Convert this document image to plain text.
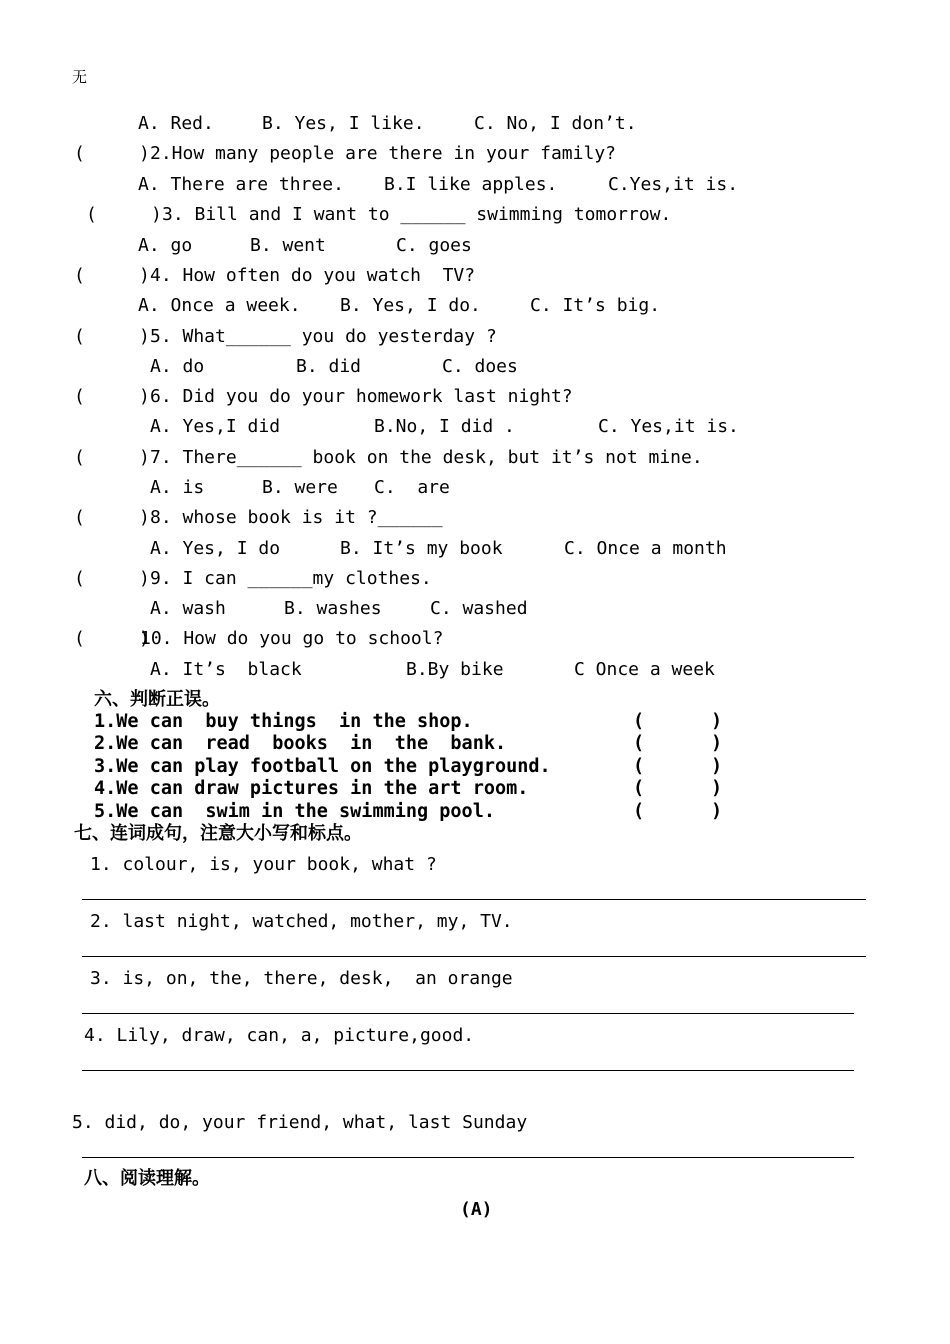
无
A. Red.	B. Yes, I like.	C. No, I don’t.
(     ) 2.How many people are there in your family?
A. There are three. B.I like apples.	C.Yes,it is.
(     ) 3. Bill and I want to ______ swimming tomorrow.
A. go	B. went	C. goes
(     ) 4. How often do you watch  TV?
A. Once a week. B. Yes, I do.	C. It’s big.
(     ) 5. What______ you do yesterday ?
A. do	B. did	C. does
(     ) 6. Did you do your homework last night?
A. Yes,I did	B.No, I did .	C. Yes,it is.
(     ) 7. There______ book on the desk, but it’s not mine.
A. is	B. were C.  are
(     ) 8. whose book is it ?______
A. Yes, I do	B. It’s my book	C. Once a month
(     ) 9. I can ______my clothes.
A. wash	B. washes	C. washed
(     )
10. How do you go to school?
A. It’s  black	B.By bike	C Once a week
六、判断正误。
1.We can  buy things  in the shop.	(      )
2.We can  read  books  in  the  bank.	(      )
3.We can play football on the playground.	(      )
4.We can draw pictures in the art room.	(      )
5.We can  swim in the swimming pool.	(      )
七、连词成句，注意大小写和标点。
1. colour, is, your book, what ?
2. last night, watched, mother, my, TV.
3. is, on, the, there, desk,  an orange
4. Lily, draw, can, a, picture,good.
5. did, do, your friend, what, last Sunday
八、阅读理解。
(A)
